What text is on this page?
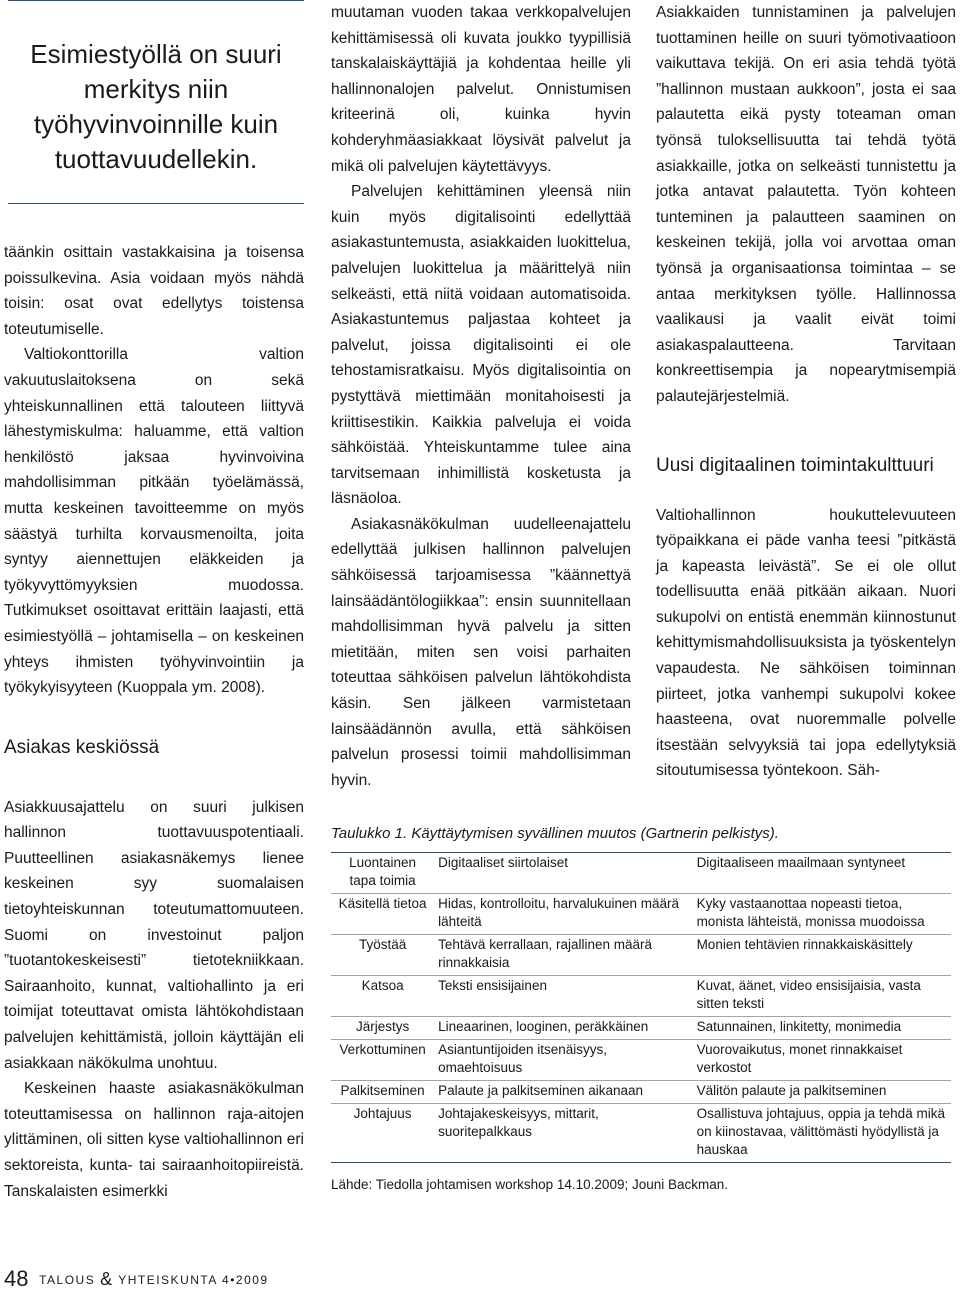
Esimiestyöllä on suuri merkitys niin työhyvinvoinnille kuin tuottavuudellekin.

täänkin osittain vastakkaisina ja toisensa poissulkevina. Asia voidaan myös nähdä toisin: osat ovat edellytys toistensa toteutumiselle.

Valtiokonttorilla valtion vakuutuslaitoksena on sekä yhteiskunnallinen että talouteen liittyvä lähestymiskulma: haluamme, että valtion henkilöstö jaksaa hyvinvoivina mahdollisimman pitkään työelämässä, mutta keskeinen tavoitteemme on myös säästyä turhilta korvausmenoilta, joita syntyy aiennettujen eläkkeiden ja työkyvyttömyyksien muodossa. Tutkimukset osoittavat erittäin laajasti, että esimiestyöllä – johtamisella – on keskeinen yhteys ihmisten työhyvinvointiin ja työkykyisyyteen (Kuoppala ym. 2008).

Asiakas keskiössä

Asiakkuusajattelu on suuri julkisen hallinnon tuottavuuspotentiaali. Puutteellinen asiakasnäkemys lienee keskeinen syy suomalaisen tietoyhteiskunnan toteutumattomuuteen. Suomi on investoinut paljon ”tuotantokeskeisesti” tietotekniikkaan. Sairaanhoito, kunnat, valtiohallinto ja eri toimijat toteuttavat omista lähtökohdistaan palvelujen kehittämistä, jolloin käyttäjän eli asiakkaan näkökulma unohtuu.

Keskeinen haaste asiakasnäkökulman toteuttamisessa on hallinnon raja-aitojen ylittäminen, oli sitten kyse valtiohallinnon eri sektoreista, kunta- tai sairaanhoitopiireistä. Tanskalaisten esimerkki

muutaman vuoden takaa verkkopalvelujen kehittämisessä oli kuvata joukko tyypillisiä tanskalaiskäyttäjiä ja kohdentaa heille yli hallinnonalojen palvelut. Onnistumisen kriteerinä oli, kuinka hyvin kohderyhmäasiakkaat löysivät palvelut ja mikä oli palvelujen käytettävyys.

Palvelujen kehittäminen yleensä niin kuin myös digitalisointi edellyttää asiakastuntemusta, asiakkaiden luokittelua, palvelujen luokittelua ja määrittelyä niin selkeästi, että niitä voidaan automatisoida. Asiakastuntemus paljastaa kohteet ja palvelut, joissa digitalisointi ei ole tehostamisratkaisu. Myös digitalisointia on pystyttävä miettimään monitahoisesti ja kriittisestikin. Kaikkia palveluja ei voida sähköistää. Yhteiskuntamme tulee aina tarvitsemaan inhimillistä kosketusta ja läsnäoloa.

Asiakasnäkökulman uudelleenajattelu edellyttää julkisen hallinnon palvelujen sähköisessä tarjoamisessa ”käännettyä lainsäädäntölogiikkaa”: ensin suunnitellaan mahdollisimman hyvä palvelu ja sitten mietitään, miten sen voisi parhaiten toteuttaa sähköisen palvelun lähtökohdista käsin. Sen jälkeen varmistetaan lainsäädännön avulla, että sähköisen palvelun prosessi toimii mahdollisimman hyvin.

Asiakkaiden tunnistaminen ja palvelujen tuottaminen heille on suuri työmotivaatioon vaikuttava tekijä. On eri asia tehdä työtä ”hallinnon mustaan aukkoon”, josta ei saa palautetta eikä pysty toteaman oman työnsä tuloksellisuutta tai tehdä työtä asiakkaille, jotka on selkeästi tunnistettu ja jotka antavat palautetta. Työn kohteen tunteminen ja palautteen saaminen on keskeinen tekijä, jolla voi arvottaa oman työnsä ja organisaationsa toimintaa – se antaa merkityksen työlle. Hallinnossa vaalikausi ja vaalit eivät toimi asiakaspalautteena. Tarvitaan konkreettisempia ja nopearytmisempiä palautejärjestelmiä.

Uusi digitaalinen toimintakulttuuri

Valtiohallinnon houkuttelevuuteen työpaikkana ei päde vanha teesi ”pitkästä ja kapeasta leivästä”. Se ei ole ollut todellisuutta enää pitkään aikaan. Nuori sukupolvi on entistä enemmän kiinnostunut kehittymismahdollisuuksista ja työskentelyn vapaudesta. Ne sähköisen toiminnan piirteet, jotka vanhempi sukupolvi kokee haasteena, ovat nuoremmalle polvelle itsestään selvyyksiä tai jopa edellytyksiä sitoutumisessa työntekoon. Säh-

Taulukko 1. Käyttäytymisen syvällinen muutos (Gartnerin pelkistys).
Luontainen tapa toimia	Digitaaliset siirtolaiset	Digitaaliseen maailmaan syntyneet
Käsitellä tietoa	Hidas, kontrolloitu, harvalukuinen määrä lähteitä	Kyky vastaanottaa nopeasti tietoa, monista lähteistä, monissa muodoissa
Työstää	Tehtävä kerrallaan, rajallinen määrä rinnakkaisia	Monien tehtävien rinnakkaiskäsittely
Katsoa	Teksti ensisijainen	Kuvat, äänet, video ensisijaisia, vasta sitten teksti
Järjestys	Lineaarinen, looginen, peräkkäinen	Satunnainen, linkitetty, monimedia
Verkottuminen	Asiantuntijoiden itsenäisyys, omaehtoisuus	Vuorovaikutus, monet rinnakkaiset verkostot
Palkitseminen	Palaute ja palkitseminen aikanaan	Välitön palaute ja palkitseminen
Johtajuus	Johtajakeskeisyys, mittarit, suoritepalkkaus	Osallistuva johtajuus, oppia ja tehdä mikä on kiinostavaa, välittömästi hyödyllistä ja hauskaa
Lähde: Tiedolla johtamisen workshop 14.10.2009; Jouni Backman.
48 TALOUS & YHTEISKUNTA 4•2009
